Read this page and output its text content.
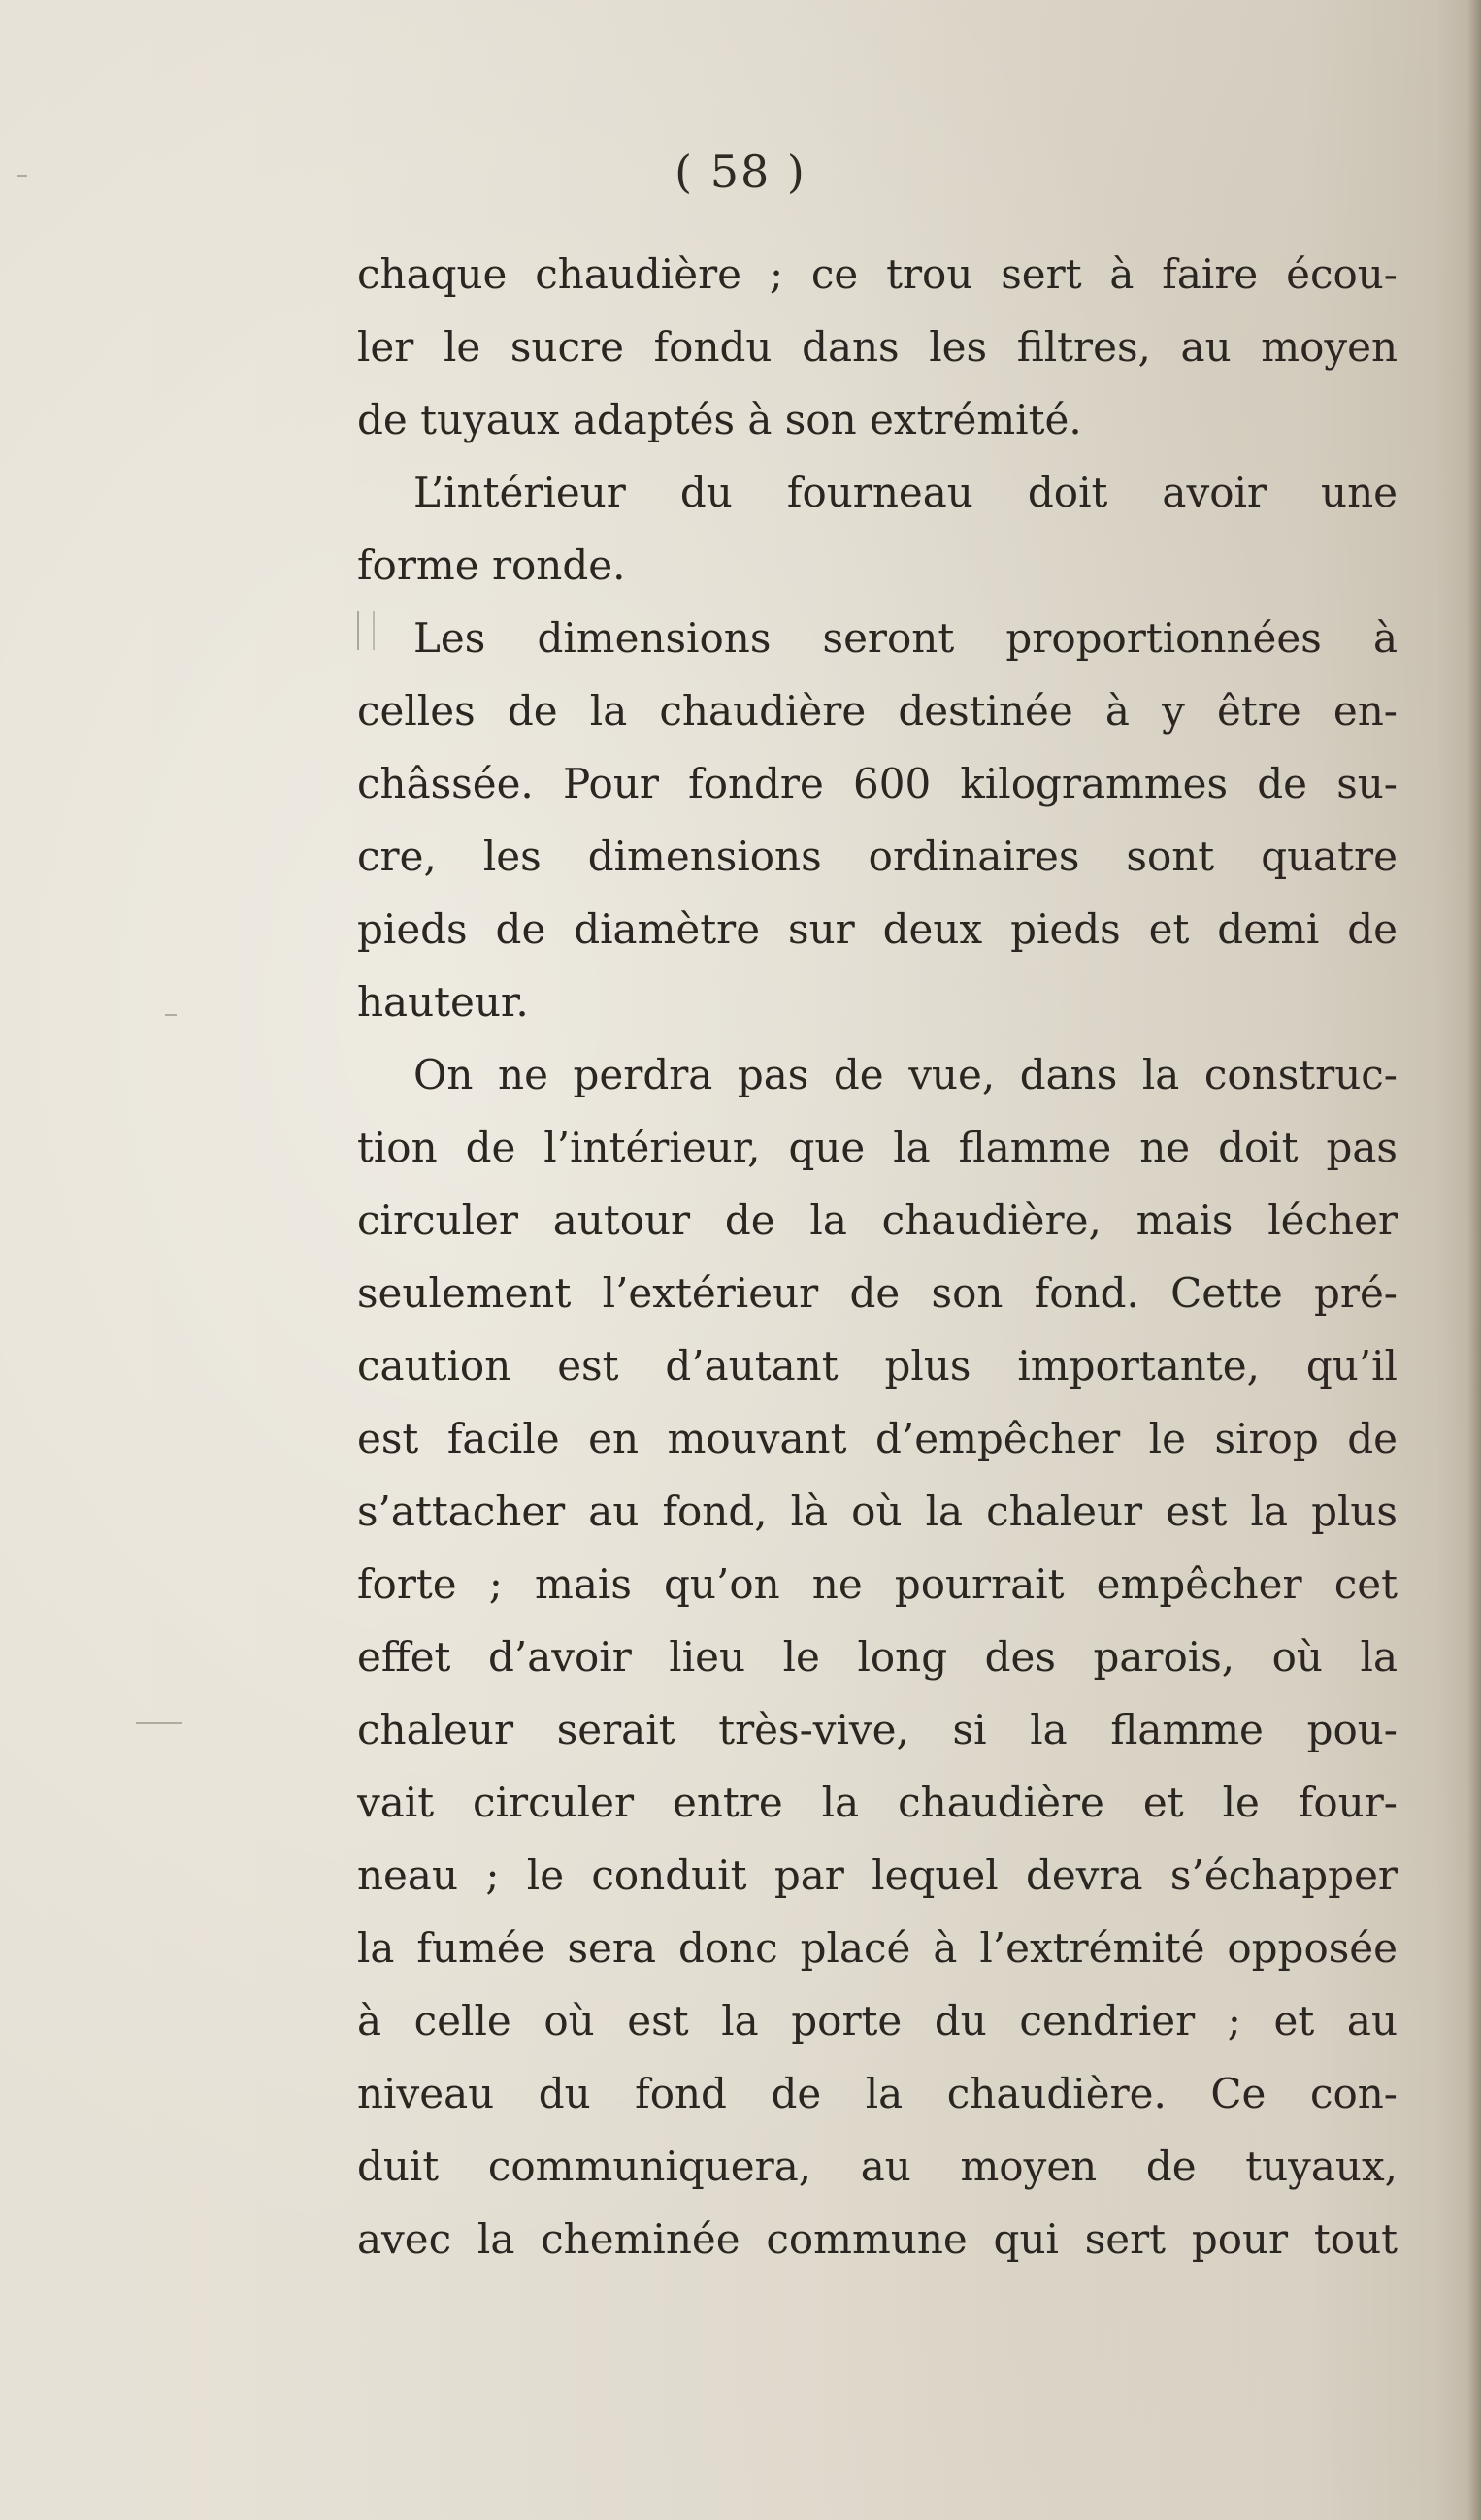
( 58 )
chaque chaudière ; ce trou sert à faire écou-
ler le sucre fondu dans les filtres, au moyen
de tuyaux adaptés à son extrémité.
L’intérieur du fourneau doit avoir une
forme ronde.
Les dimensions seront proportionnées à
celles de la chaudière destinée à y être en-
châssée. Pour fondre 600 kilogrammes de su-
cre, les dimensions ordinaires sont quatre
pieds de diamètre sur deux pieds et demi de
hauteur.
On ne perdra pas de vue, dans la construc-
tion de l’intérieur, que la flamme ne doit pas
circuler autour de la chaudière, mais lécher
seulement l’extérieur de son fond. Cette pré-
caution est d’autant plus importante, qu’il
est facile en mouvant d’empêcher le sirop de
s’attacher au fond, là où la chaleur est la plus
forte ; mais qu’on ne pourrait empêcher cet
effet d’avoir lieu le long des parois, où la
chaleur serait très-vive, si la flamme pou-
vait circuler entre la chaudière et le four-
neau ; le conduit par lequel devra s’échapper
la fumée sera donc placé à l’extrémité opposée
à celle où est la porte du cendrier ; et au
niveau du fond de la chaudière. Ce con-
duit communiquera, au moyen de tuyaux,
avec la cheminée commune qui sert pour tout
